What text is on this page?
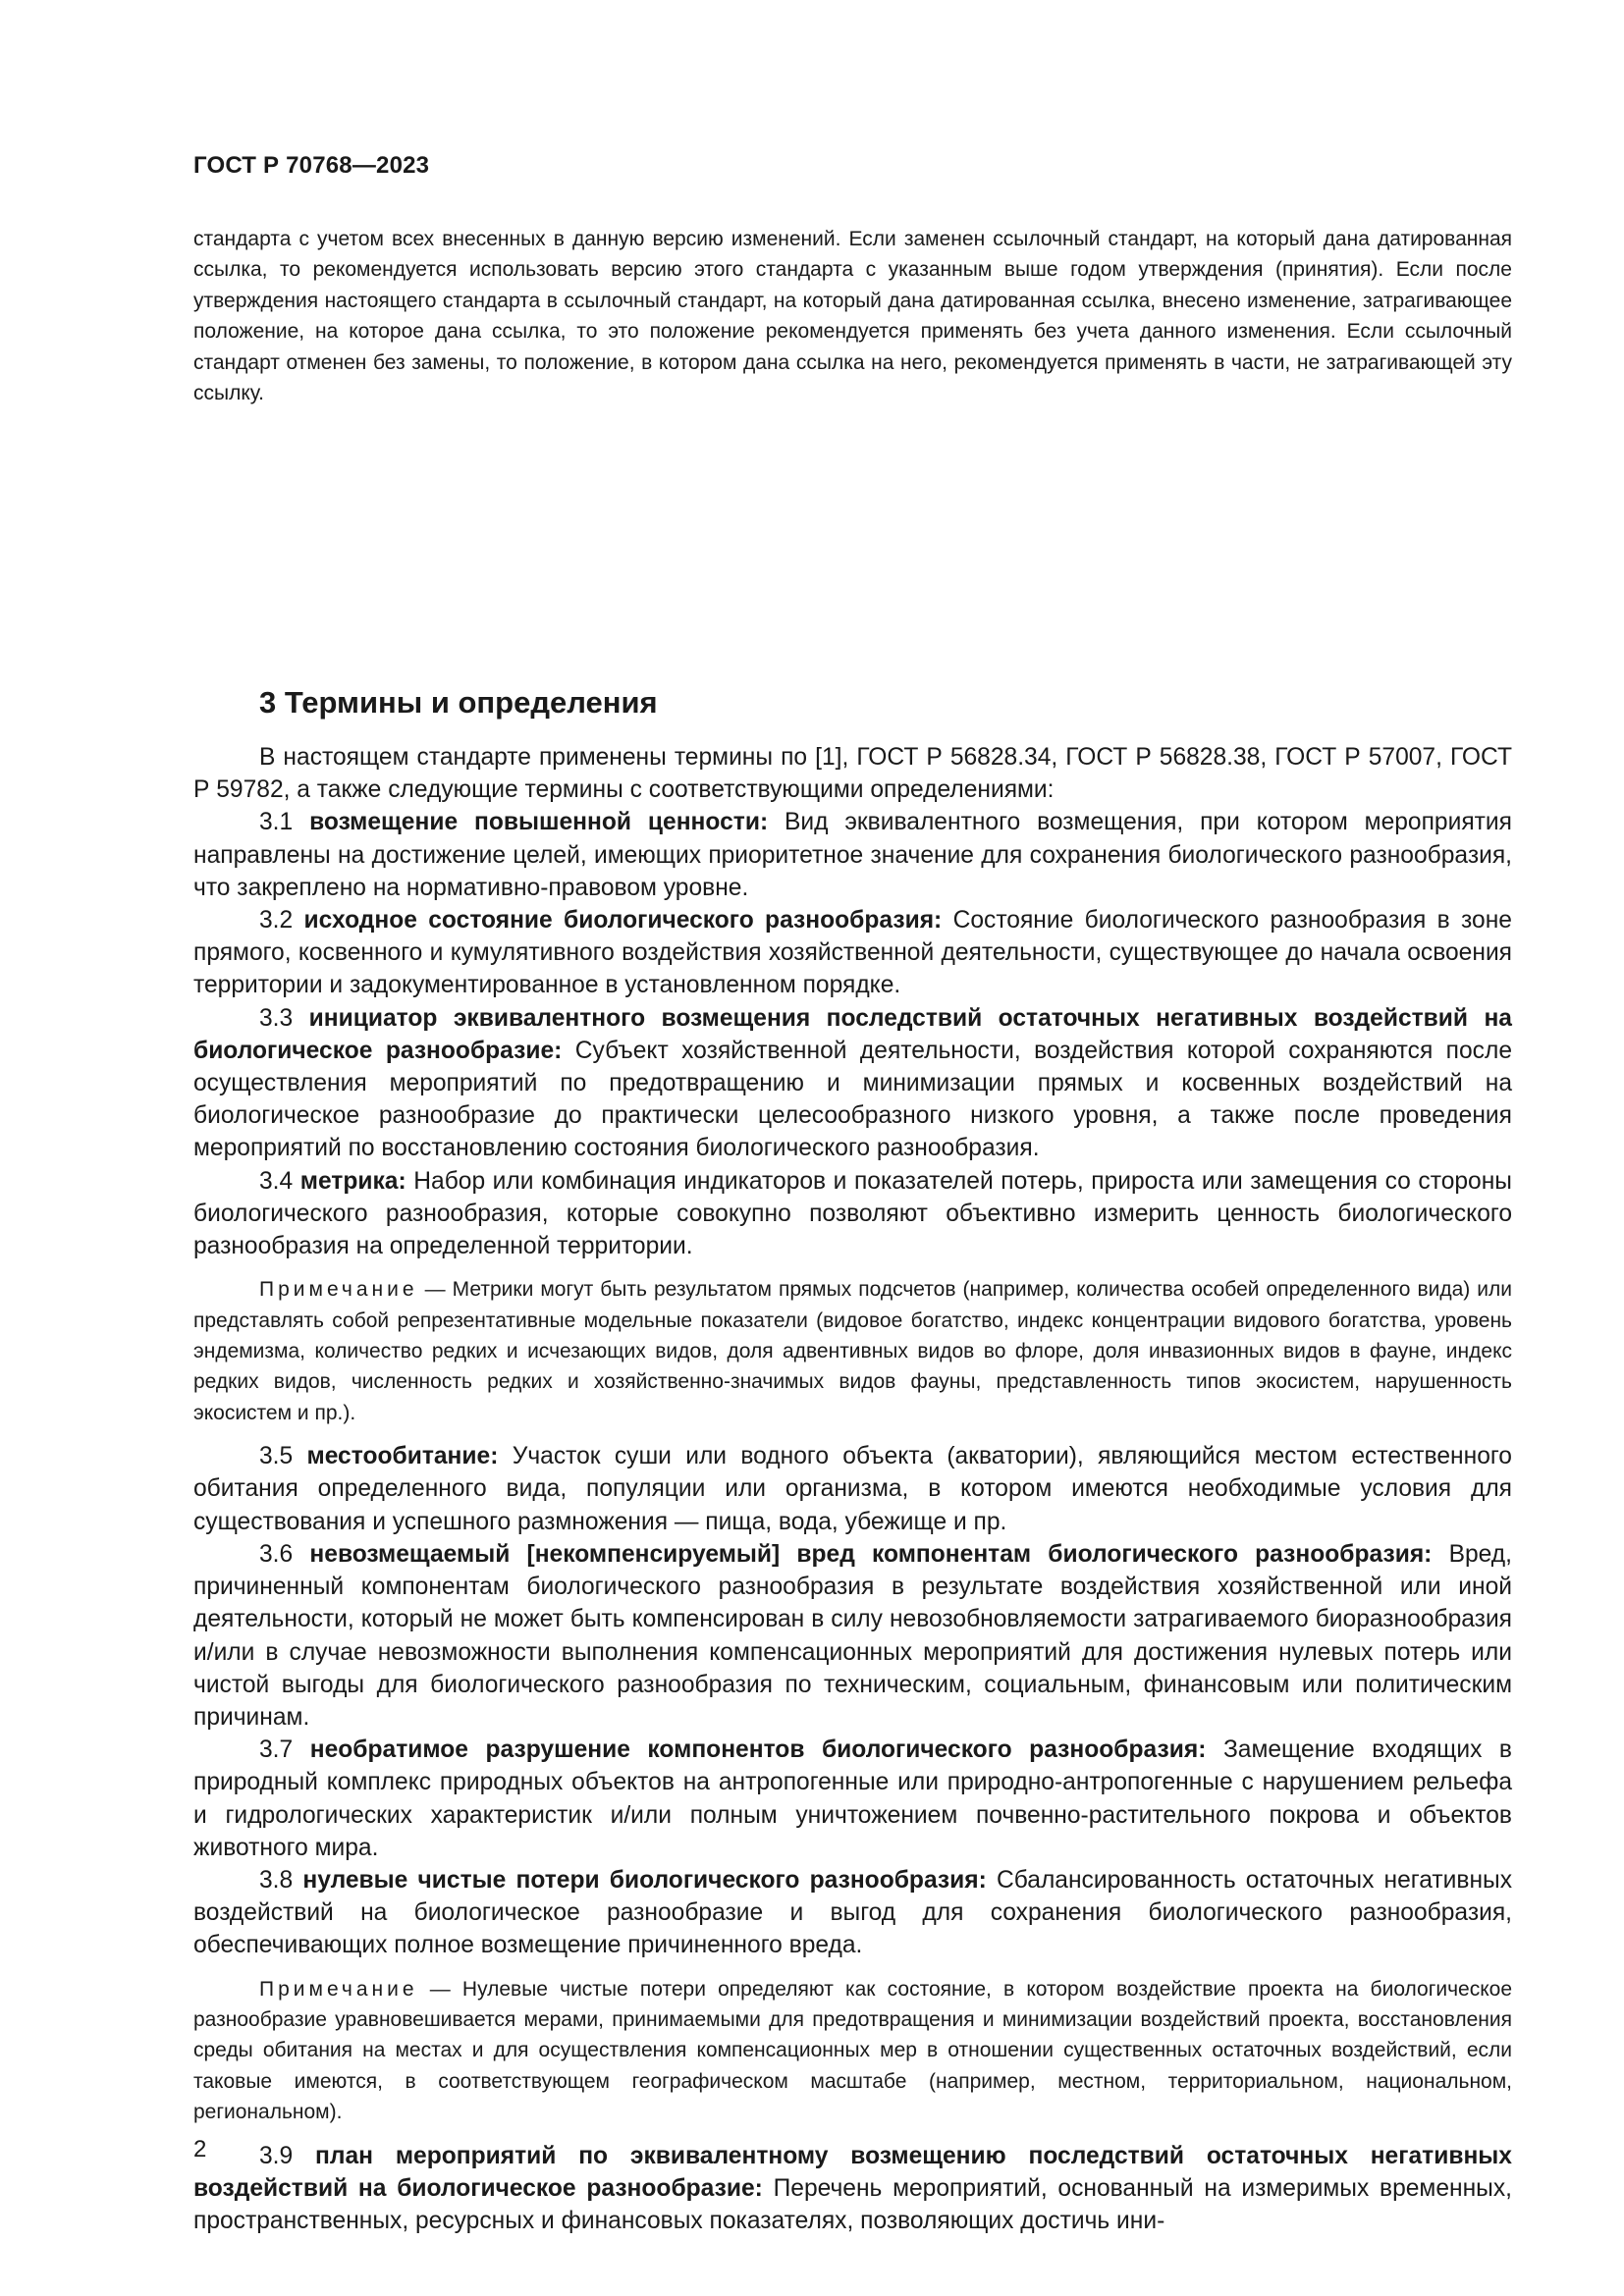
ГОСТ Р 70768—2023

стандарта с учетом всех внесенных в данную версию изменений. Если заменен ссылочный стандарт, на который дана датированная ссылка, то рекомендуется использовать версию этого стандарта с указанным выше годом утверждения (принятия). Если после утверждения настоящего стандарта в ссылочный стандарт, на который дана датированная ссылка, внесено изменение, затрагивающее положение, на которое дана ссылка, то это положение рекомендуется применять без учета данного изменения. Если ссылочный стандарт отменен без замены, то положение, в котором дана ссылка на него, рекомендуется применять в части, не затрагивающей эту ссылку.

3 Термины и определения

В настоящем стандарте применены термины по [1], ГОСТ Р 56828.34, ГОСТ Р 56828.38, ГОСТ Р 57007, ГОСТ Р 59782, а также следующие термины с соответствующими определениями:

3.1 возмещение повышенной ценности: Вид эквивалентного возмещения, при котором мероприятия направлены на достижение целей, имеющих приоритетное значение для сохранения биологического разнообразия, что закреплено на нормативно-правовом уровне.

3.2 исходное состояние биологического разнообразия: Состояние биологического разнообразия в зоне прямого, косвенного и кумулятивного воздействия хозяйственной деятельности, существующее до начала освоения территории и задокументированное в установленном порядке.

3.3 инициатор эквивалентного возмещения последствий остаточных негативных воздействий на биологическое разнообразие: Субъект хозяйственной деятельности, воздействия которой сохраняются после осуществления мероприятий по предотвращению и минимизации прямых и косвенных воздействий на биологическое разнообразие до практически целесообразного низкого уровня, а также после проведения мероприятий по восстановлению состояния биологического разнообразия.

3.4 метрика: Набор или комбинация индикаторов и показателей потерь, прироста или замещения со стороны биологического разнообразия, которые совокупно позволяют объективно измерить ценность биологического разнообразия на определенной территории.

Примечание — Метрики могут быть результатом прямых подсчетов (например, количества особей определенного вида) или представлять собой репрезентативные модельные показатели (видовое богатство, индекс концентрации видового богатства, уровень эндемизма, количество редких и исчезающих видов, доля адвентивных видов во флоре, доля инвазионных видов в фауне, индекс редких видов, численность редких и хозяйственно-значимых видов фауны, представленность типов экосистем, нарушенность экосистем и пр.).

3.5 местообитание: Участок суши или водного объекта (акватории), являющийся местом естественного обитания определенного вида, популяции или организма, в котором имеются необходимые условия для существования и успешного размножения — пища, вода, убежище и пр.

3.6 невозмещаемый [некомпенсируемый] вред компонентам биологического разнообразия: Вред, причиненный компонентам биологического разнообразия в результате воздействия хозяйственной или иной деятельности, который не может быть компенсирован в силу невозобновляемости затрагиваемого биоразнообразия и/или в случае невозможности выполнения компенсационных мероприятий для достижения нулевых потерь или чистой выгоды для биологического разнообразия по техническим, социальным, финансовым или политическим причинам.

3.7 необратимое разрушение компонентов биологического разнообразия: Замещение входящих в природный комплекс природных объектов на антропогенные или природно-антропогенные с нарушением рельефа и гидрологических характеристик и/или полным уничтожением почвенно-растительного покрова и объектов животного мира.

3.8 нулевые чистые потери биологического разнообразия: Сбалансированность остаточных негативных воздействий на биологическое разнообразие и выгод для сохранения биологического разнообразия, обеспечивающих полное возмещение причиненного вреда.

Примечание — Нулевые чистые потери определяют как состояние, в котором воздействие проекта на биологическое разнообразие уравновешивается мерами, принимаемыми для предотвращения и минимизации воздействий проекта, восстановления среды обитания на местах и для осуществления компенсационных мер в отношении существенных остаточных воздействий, если таковые имеются, в соответствующем географическом масштабе (например, местном, территориальном, национальном, региональном).

3.9 план мероприятий по эквивалентному возмещению последствий остаточных негативных воздействий на биологическое разнообразие: Перечень мероприятий, основанный на измеримых временных, пространственных, ресурсных и финансовых показателях, позволяющих достичь ини-

2
